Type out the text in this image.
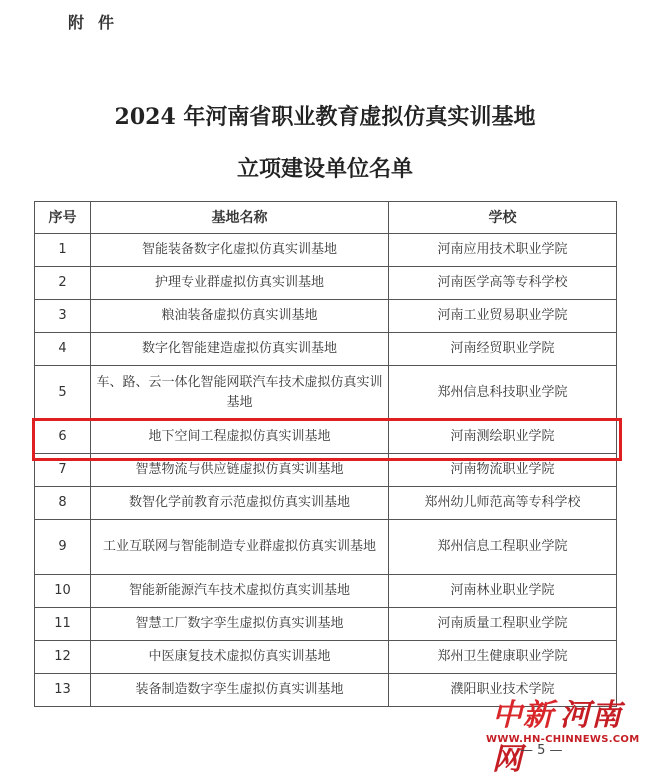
附件
2024 年河南省职业教育虚拟仿真实训基地
立项建设单位名单
序号	基地名称	学校
1	智能装备数字化虚拟仿真实训基地	河南应用技术职业学院
2	护理专业群虚拟仿真实训基地	河南医学高等专科学校
3	粮油装备虚拟仿真实训基地	河南工业贸易职业学院
4	数字化智能建造虚拟仿真实训基地	河南经贸职业学院
5	车、路、云一体化智能网联汽车技术虚拟仿真实训基地	郑州信息科技职业学院
6	地下空间工程虚拟仿真实训基地	河南测绘职业学院
7	智慧物流与供应链虚拟仿真实训基地	河南物流职业学院
8	数智化学前教育示范虚拟仿真实训基地	郑州幼儿师范高等专科学校
9	工业互联网与智能制造专业群虚拟仿真实训基地	郑州信息工程职业学院
10	智能新能源汽车技术虚拟仿真实训基地	河南林业职业学院
11	智慧工厂数字孪生虚拟仿真实训基地	河南质量工程职业学院
12	中医康复技术虚拟仿真实训基地	郑州卫生健康职业学院
13	装备制造数字孪生虚拟仿真实训基地	濮阳职业技术学院
中新 河南网
WWW.HN-CHINNEWS.COM
— 5 —
